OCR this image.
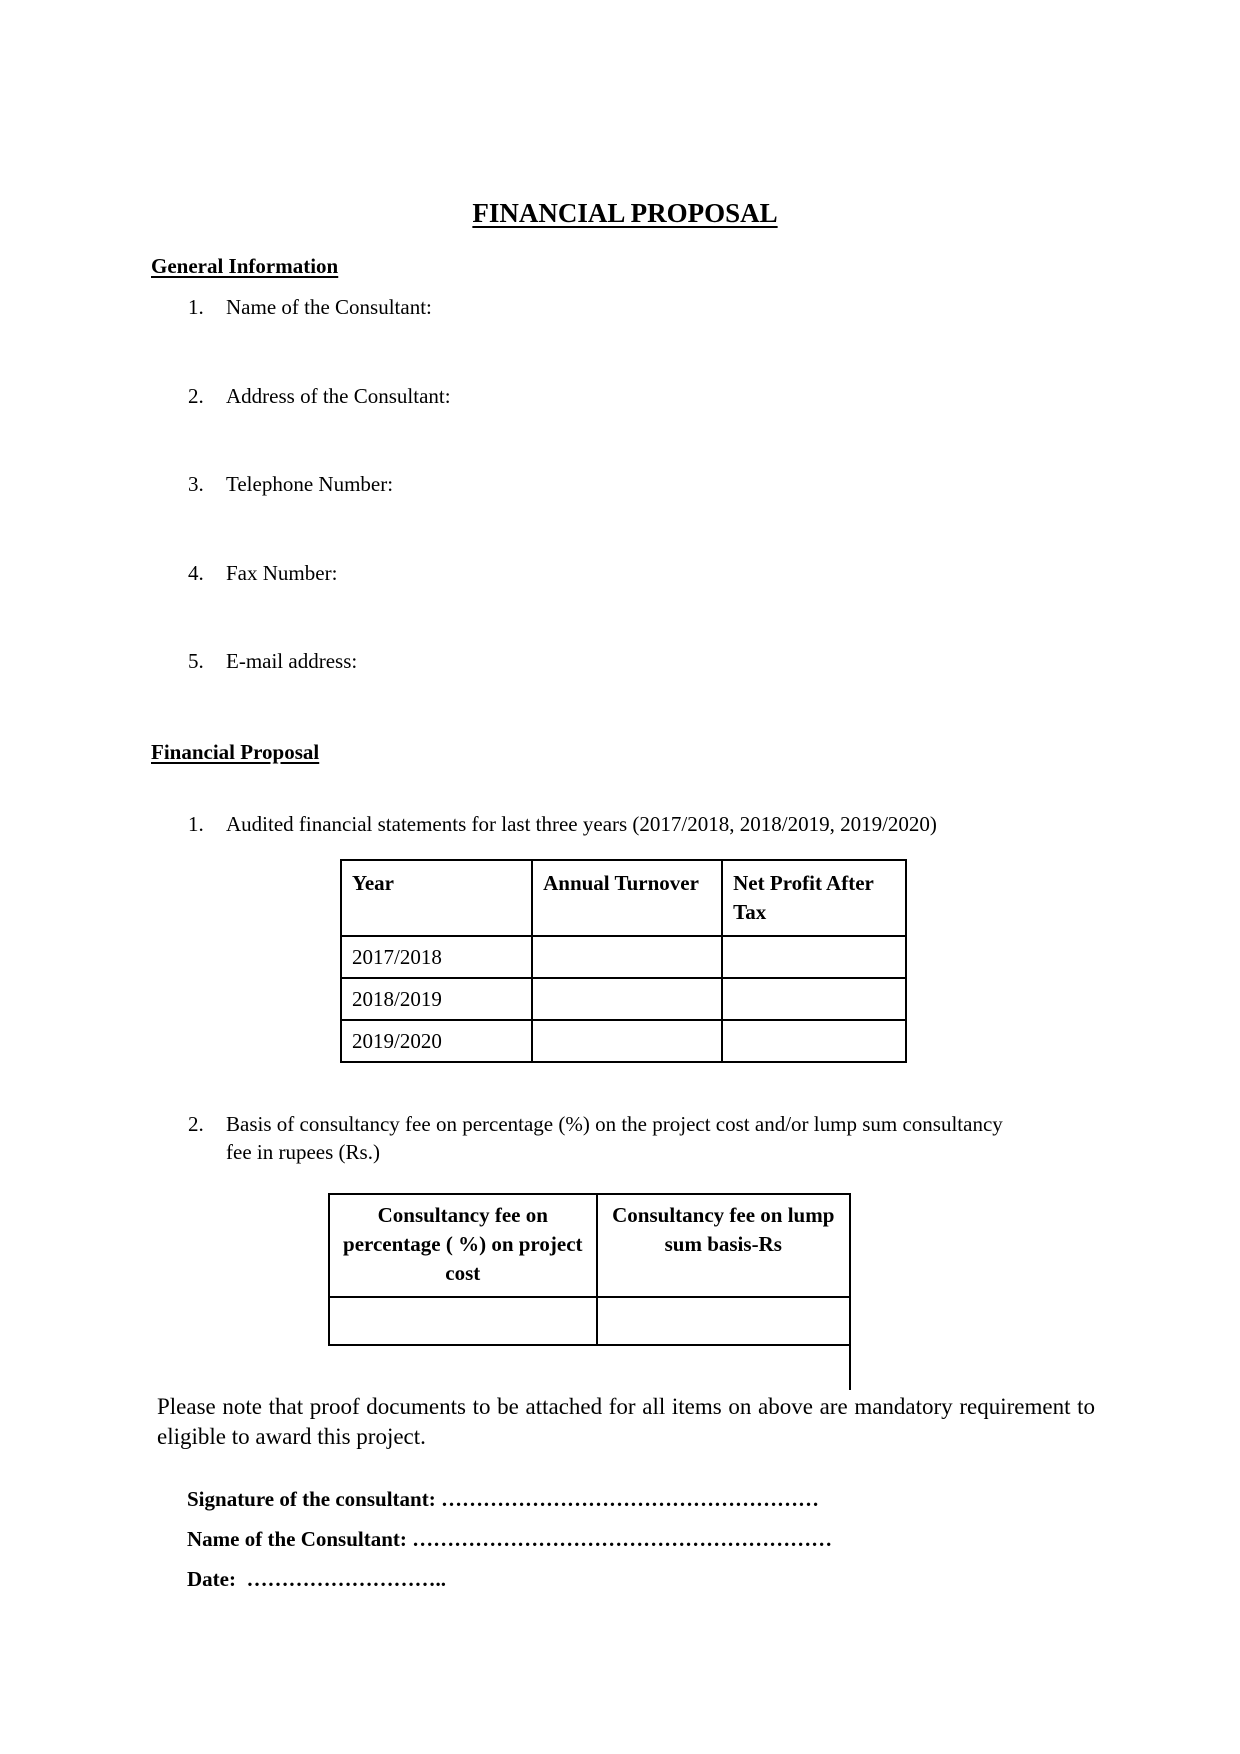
FINANCIAL PROPOSAL
General Information
1. Name of the Consultant:
2. Address of the Consultant:
3. Telephone Number:
4. Fax Number:
5. E-mail address:
Financial Proposal
1. Audited financial statements for last three years (2017/2018, 2018/2019, 2019/2020)
Year	Annual Turnover	Net Profit After Tax
2017/2018		
2018/2019		
2019/2020		
2. Basis of consultancy fee on percentage (%) on the project cost and/or lump sum consultancy
fee in rupees (Rs.)
Consultancy fee on percentage ( %) on project cost	Consultancy fee on lump sum basis-Rs

Please note that proof documents to be attached for all items on above are mandatory requirement to eligible to award this project.
Signature of the consultant: ………………………………………………
Name of the Consultant: ……………………………………………………
Date: ………………………..
